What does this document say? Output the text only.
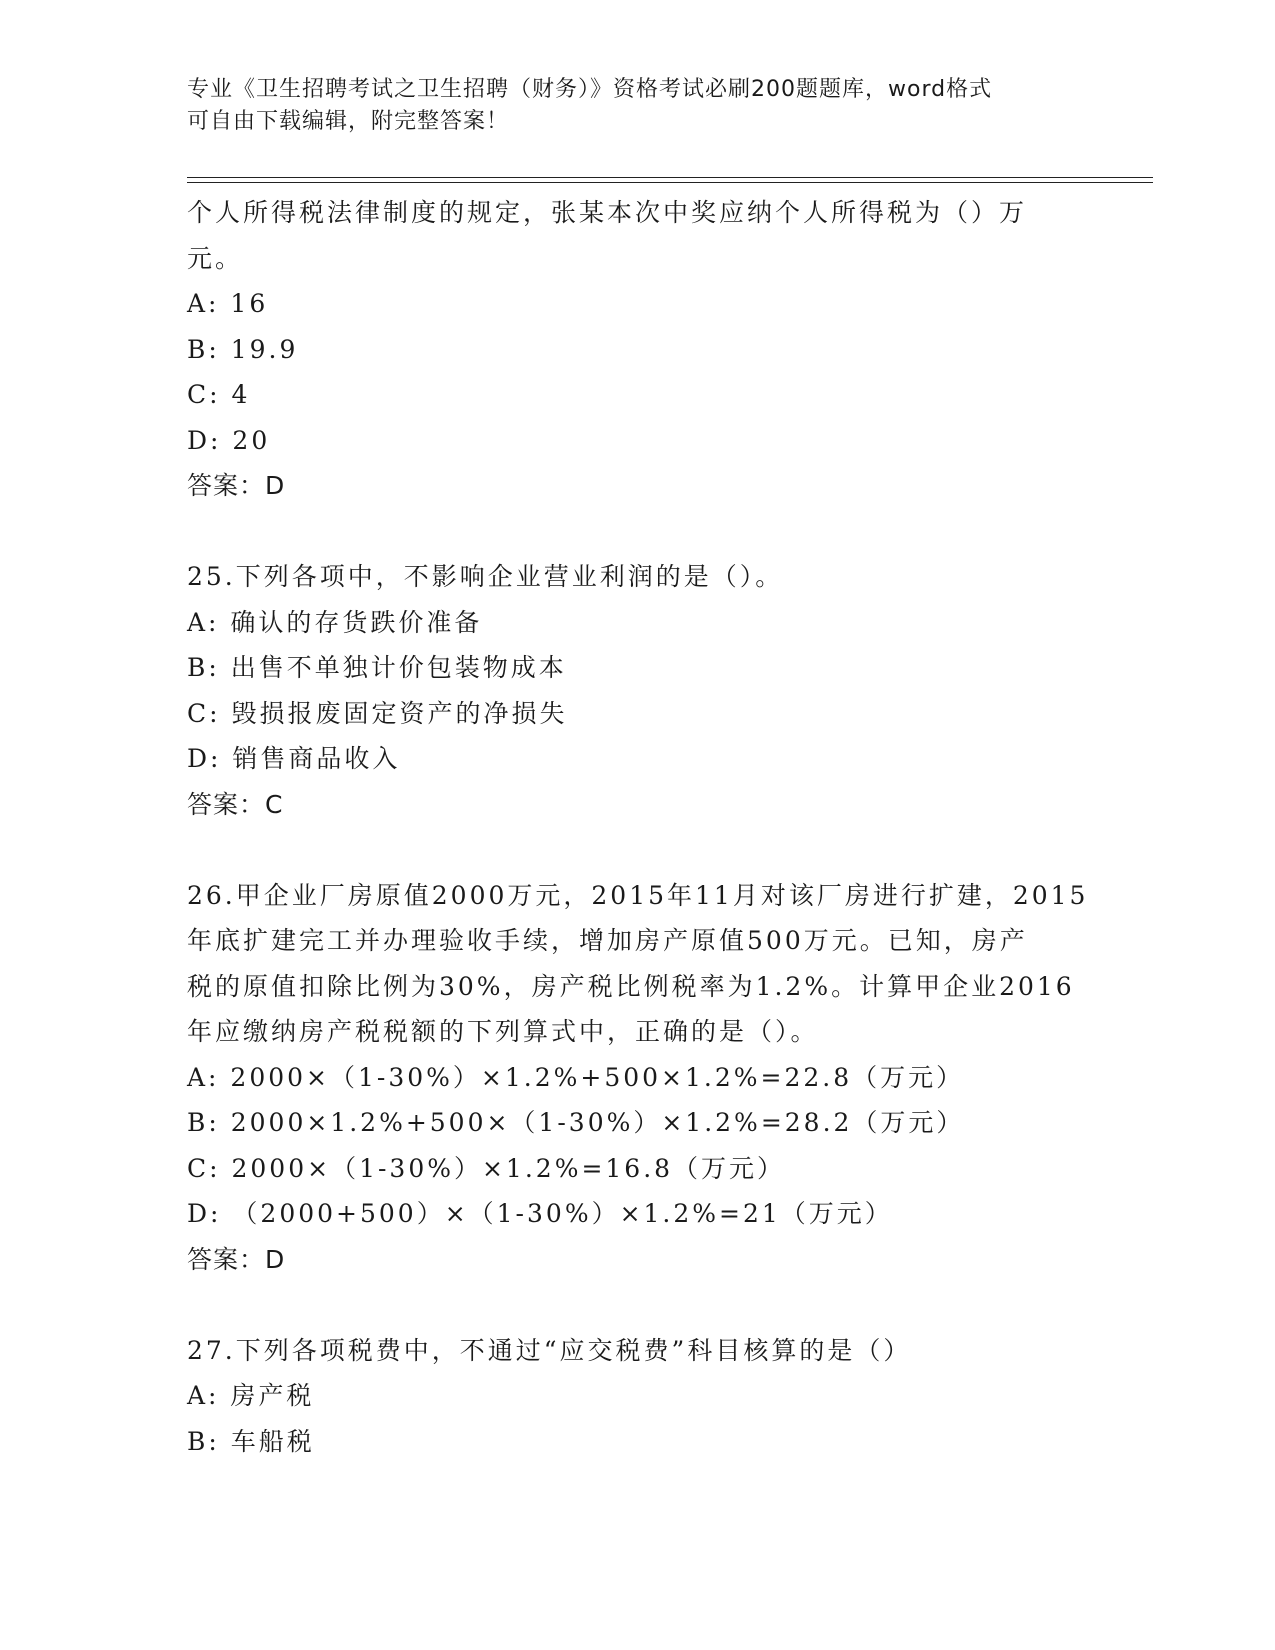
专业《卫生招聘考试之卫生招聘（财务）》资格考试必刷200题题库，word格式
可自由下载编辑，附完整答案！
个人所得税法律制度的规定，张某本次中奖应纳个人所得税为（）万
元。
A: 16
B: 19.9
C: 4
D: 20
答案：D
25.下列各项中，不影响企业营业利润的是（）。
A: 确认的存货跌价准备
B: 出售不单独计价包装物成本
C: 毁损报废固定资产的净损失
D: 销售商品收入
答案：C
26.甲企业厂房原值2000万元，2015年11月对该厂房进行扩建，2015
年底扩建完工并办理验收手续，增加房产原值500万元。已知，房产
税的原值扣除比例为30%，房产税比例税率为1.2%。计算甲企业2016
年应缴纳房产税税额的下列算式中，正确的是（）。
A: 2000×（1-30%）×1.2%+500×1.2%=22.8（万元）
B: 2000×1.2%+500×（1-30%）×1.2%=28.2（万元）
C: 2000×（1-30%）×1.2%=16.8（万元）
D: （2000+500）×（1-30%）×1.2%=21（万元）
答案：D
27.下列各项税费中，不通过“应交税费”科目核算的是（）
A: 房产税
B: 车船税
